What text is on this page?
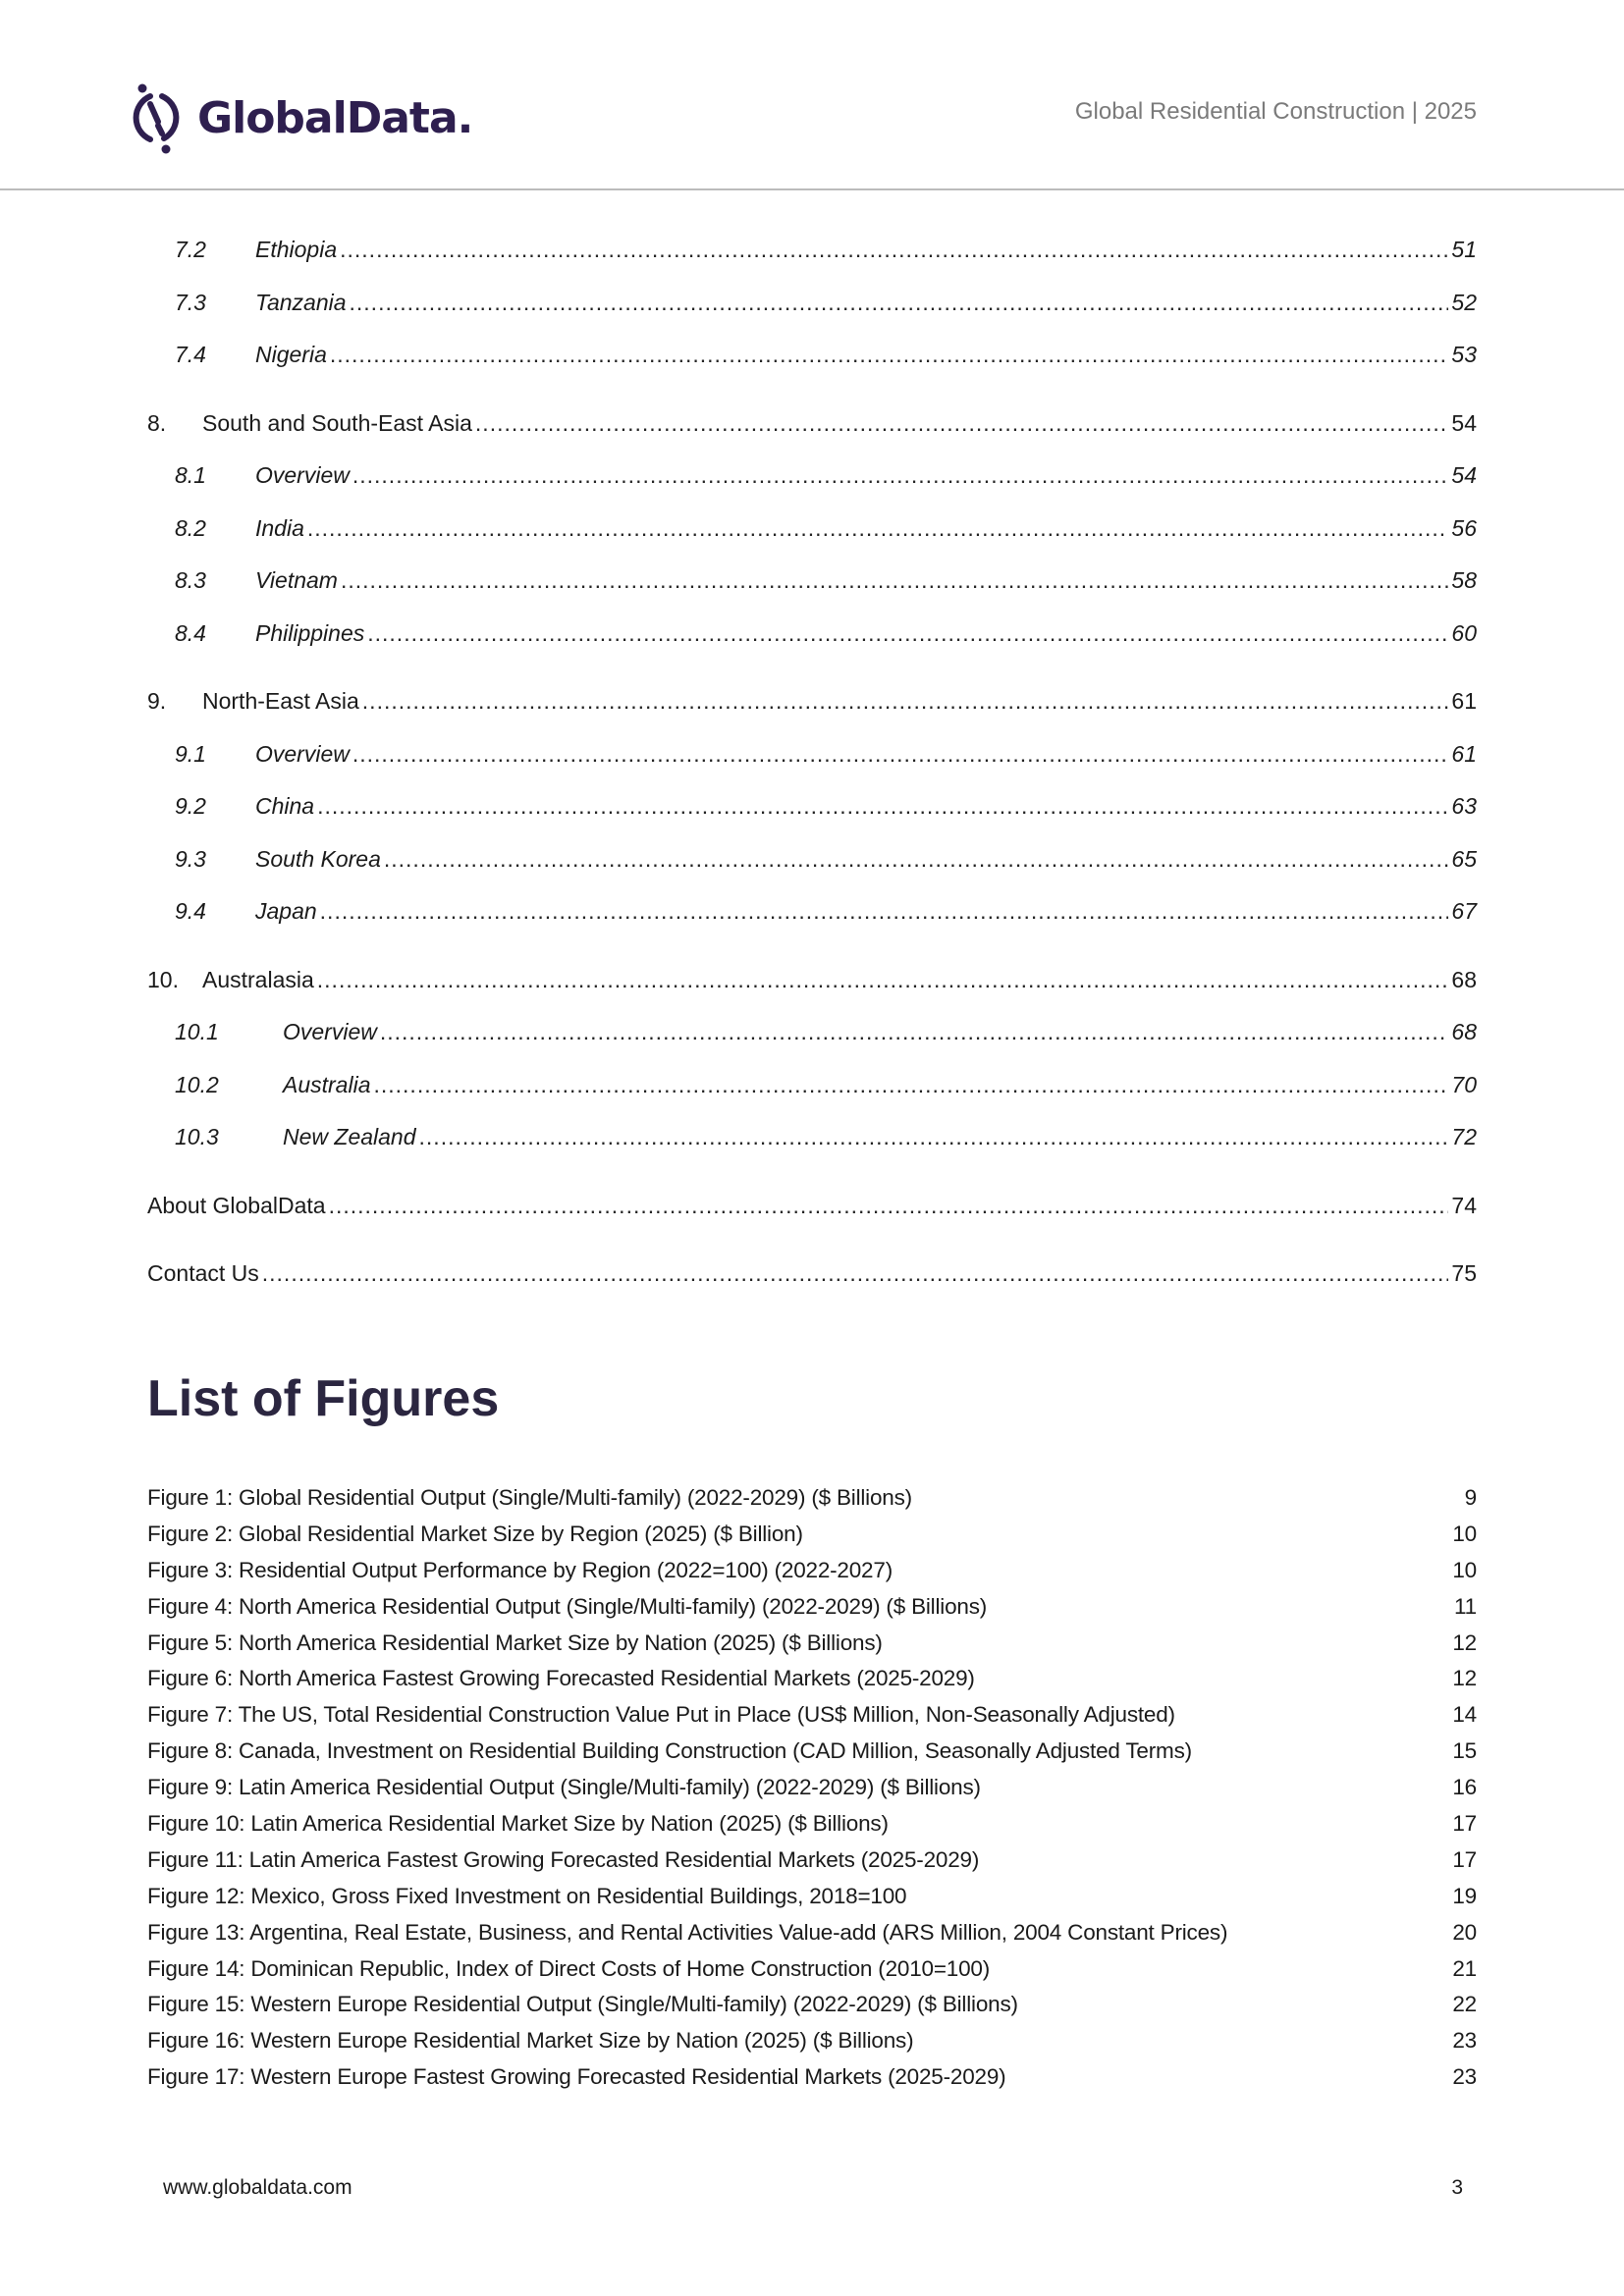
GlobalData.	Global Residential Construction | 2025
7.2	Ethiopia .....	51
7.3	Tanzania .....	52
7.4	Nigeria .....	53
8.	South and South-East Asia .....	54
8.1	Overview .....	54
8.2	India .....	56
8.3	Vietnam .....	58
8.4	Philippines .....	60
9.	North-East Asia .....	61
9.1	Overview .....	61
9.2	China .....	63
9.3	South Korea .....	65
9.4	Japan .....	67
10.	Australasia .....	68
10.1	Overview .....	68
10.2	Australia .....	70
10.3	New Zealand .....	72
About GlobalData .....	74
Contact Us .....	75
List of Figures
Figure 1: Global Residential Output (Single/Multi-family) (2022-2029) ($ Billions)	9
Figure 2: Global Residential Market Size by Region (2025) ($ Billion)	10
Figure 3: Residential Output Performance by Region (2022=100) (2022-2027)	10
Figure 4: North America Residential Output (Single/Multi-family) (2022-2029) ($ Billions)	11
Figure 5: North America Residential Market Size by Nation (2025) ($ Billions)	12
Figure 6: North America Fastest Growing Forecasted Residential Markets (2025-2029)	12
Figure 7: The US, Total Residential Construction Value Put in Place (US$ Million, Non-Seasonally Adjusted)	14
Figure 8: Canada, Investment on Residential Building Construction (CAD Million, Seasonally Adjusted Terms)	15
Figure 9: Latin America Residential Output (Single/Multi-family) (2022-2029) ($ Billions)	16
Figure 10: Latin America Residential Market Size by Nation (2025) ($ Billions)	17
Figure 11: Latin America Fastest Growing Forecasted Residential Markets (2025-2029)	17
Figure 12: Mexico, Gross Fixed Investment on Residential Buildings, 2018=100	19
Figure 13: Argentina, Real Estate, Business, and Rental Activities Value-add (ARS Million, 2004 Constant Prices)	20
Figure 14: Dominican Republic, Index of Direct Costs of Home Construction (2010=100)	21
Figure 15: Western Europe Residential Output (Single/Multi-family) (2022-2029) ($ Billions)	22
Figure 16: Western Europe Residential Market Size by Nation (2025) ($ Billions)	23
Figure 17: Western Europe Fastest Growing Forecasted Residential Markets (2025-2029)	23
www.globaldata.com	3
